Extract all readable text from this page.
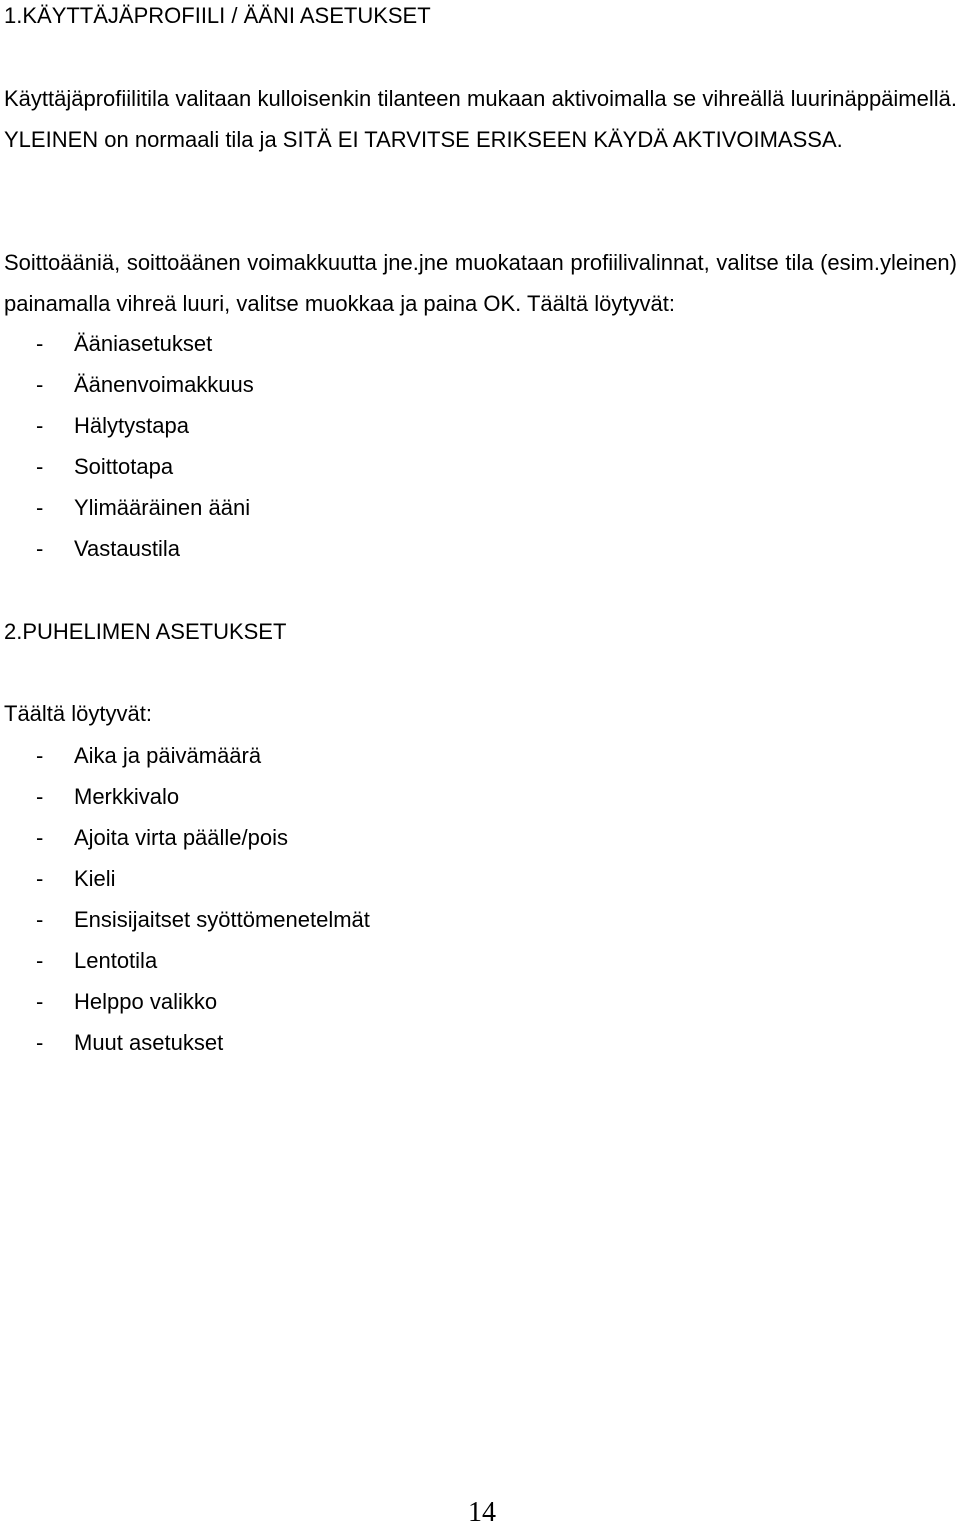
1.KÄYTTÄJÄPROFIILI / ÄÄNI ASETUKSET

Käyttäjäprofiilitila valitaan kulloisenkin tilanteen mukaan aktivoimalla se vihreällä luurinäppäimellä. YLEINEN on normaali tila ja SITÄ EI TARVITSE ERIKSEEN KÄYDÄ AKTIVOIMASSA.

Soittoääniä, soittoäänen voimakkuutta jne.jne muokataan profiilivalinnat, valitse tila (esim.yleinen) painamalla vihreä luuri, valitse muokkaa ja paina OK. Täältä löytyvät:

- Ääniasetukset
- Äänenvoimakkuus
- Hälytystapa
- Soittotapa
- Ylimääräinen ääni
- Vastaustila
2.PUHELIMEN ASETUKSET

Täältä löytyvät:

- Aika ja päivämäärä
- Merkkivalo
- Ajoita virta päälle/pois
- Kieli
- Ensisijaitset syöttömenetelmät
- Lentotila
- Helppo valikko
- Muut asetukset
14
